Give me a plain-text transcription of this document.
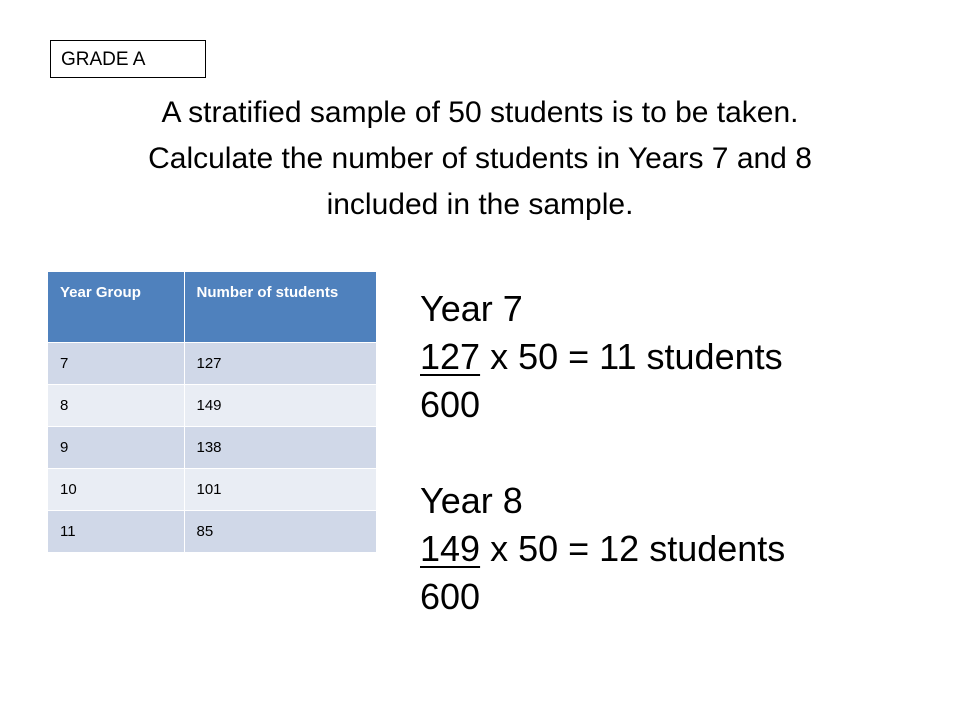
GRADE A
A stratified sample of 50 students is to be taken.
Calculate the number of students in Years 7 and 8
included in the sample.
Year Group	Number of students
7	127
8	149
9	138
10	101
11	85
Year 7
127 x 50 = 11 students
600
Year 8
149 x 50 = 12 students
600
